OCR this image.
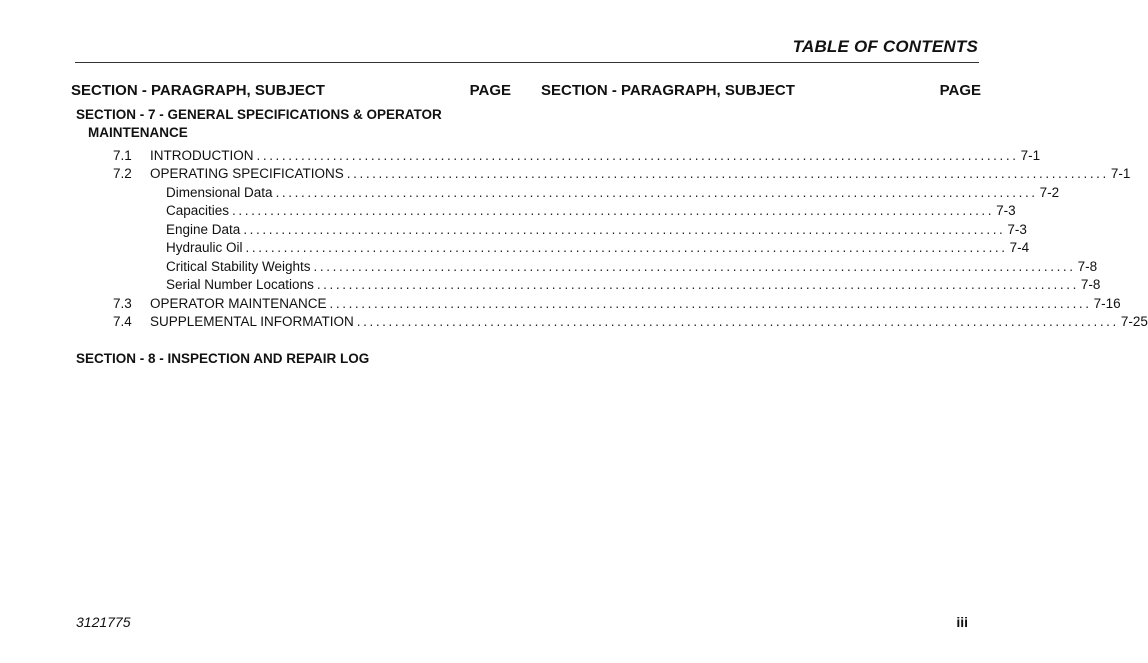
TABLE OF CONTENTS
SECTION - PARAGRAPH, SUBJECT	PAGE SECTION - PARAGRAPH, SUBJECT	PAGE
SECTION - 7 - GENERAL SPECIFICATIONS & OPERATOR
MAINTENANCE
7.1 INTRODUCTION .....	7-1
7.2 OPERATING SPECIFICATIONS .....	7-1
Dimensional Data .....	7-2
Capacities .....	7-3
Engine Data .....	7-3
Hydraulic Oil .....	7-4
Critical Stability Weights .....	7-8
Serial Number Locations .....	7-8
7.3 OPERATOR MAINTENANCE .....	7-16
7.4 SUPPLEMENTAL INFORMATION .....	7-25
SECTION - 8 - INSPECTION AND REPAIR LOG
3121775	iii
